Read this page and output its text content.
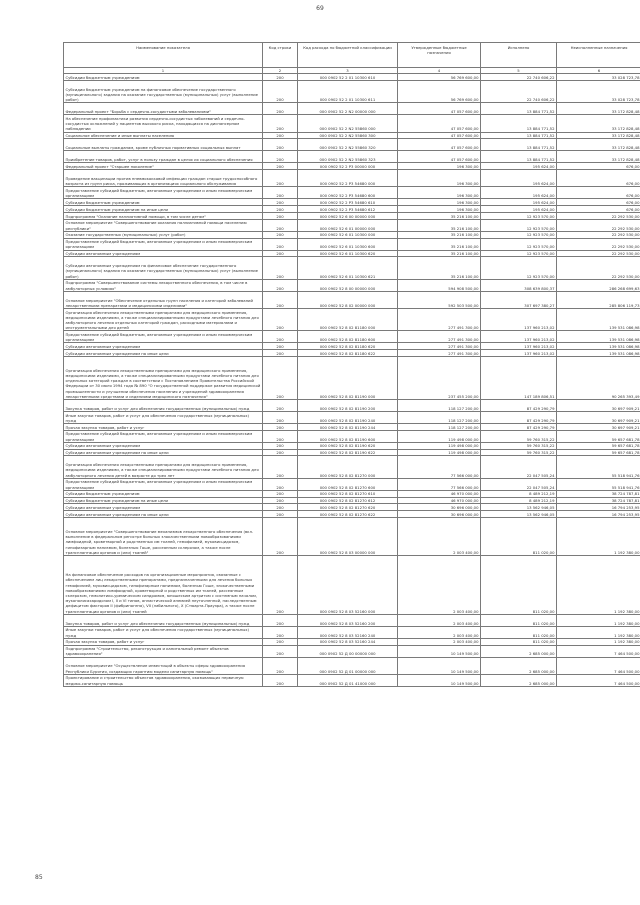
69
Наименование показателя	Код строки	Код расхода по бюджетной классификации	Утвержденные бюджетные назначения	Исполнено	Неисполненные назначения
1	2	3	4	5	6
Субсидии бюджетным учреждениям	200	000 0902 52 2 01 10300 610	56 769 600,00	22 740 606,22	33 028 723,78
Субсидии бюджетным учреждениям на финансовое обеспечение государственного (муниципального) задания на оказание государственных (муниципальных) услуг (выполнение работ)	200	000 0902 52 2 01 10300 611	56 769 600,00	22 740 606,22	33 028 723,78
Федеральный проект "Борьба с сердечно-сосудистыми заболеваниями"	200	000 0902 52 2 N2 00000 000	47 057 600,00	13 884 771,52	33 172 828,48
На обеспечение профилактики развития сердечно-сосудистых заболеваний и сердечно-сосудистых осложнений у пациентов высокого риска, находящихся на диспансерном наблюдении	200	000 0902 52 2 N2 55860 000	47 057 600,00	13 884 771,52	33 172 828,48
Социальное обеспечение и иные выплаты населению	200	000 0902 52 2 N2 55860 300	47 057 600,00	13 884 771,52	33 172 828,48
Социальные выплаты гражданам, кроме публичных нормативных социальных выплат	200	000 0902 52 2 N2 55860 320	47 057 600,00	13 884 771,52	33 172 828,48
Приобретение товаров, работ, услуг в пользу граждан в целях их социального обеспечения	200	000 0902 52 2 N2 55860 323	47 057 600,00	13 884 771,52	33 172 828,48
Федеральный проект "Старшее поколение"	200	000 0902 52 2 P3 00000 000	196 300,00	195 624,00	676,00
Проведение вакцинации против пневмококковой инфекции граждан старше трудоспособного возраста из групп риска, проживающих в организациях социального обслуживания	200	000 0902 52 2 P3 54680 000	196 300,00	195 624,00	676,00
Предоставление субсидий бюджетным, автономным учреждениям и иным некоммерческим организациям	200	000 0902 52 2 P3 54680 600	196 300,00	195 624,00	676,00
Субсидии бюджетным учреждениям	200	000 0902 52 2 P3 54680 610	196 300,00	195 624,00	676,00
Субсидии бюджетным учреждениям на иные цели	200	000 0902 52 2 P3 54680 612	196 300,00	195 624,00	676,00
Подпрограмма "Оказание паллиативной помощи, в том числе детям"	200	000 0902 52 6 00 00000 000	35 216 100,00	12 923 570,00	22 292 530,00
Основное мероприятие "Совершенствование оказания паллиативной помощи населению республики"	200	000 0902 52 6 01 00000 000	35 216 100,00	12 923 570,00	22 292 530,00
Оказание государственных (муниципальных) услуг (работ)	200	000 0902 52 6 01 10300 000	35 216 100,00	12 923 570,00	22 292 530,00
Предоставление субсидий бюджетным, автономным учреждениям и иным некоммерческим организациям	200	000 0902 52 6 01 10300 600	35 216 100,00	12 923 570,00	22 292 530,00
Субсидии автономным учреждениям	200	000 0902 52 6 01 10300 620	35 216 100,00	12 923 570,00	22 292 530,00
Субсидии автономным учреждениям на финансовое обеспечение государственного (муниципального) задания на оказание государственных (муниципальных) услуг (выполнение работ)	200	000 0902 52 6 01 10300 621	35 216 100,00	12 923 570,00	22 292 530,00
Подпрограмма "Совершенствование системы лекарственного обеспечения, в том числе в амбулаторных условиях"	200	000 0902 52 8 00 00000 000	594 908 500,00	308 639 800,37	286 268 699,63
Основное мероприятие "Обеспечение отдельных групп населения и категорий заболеваний лекарственными препаратами и медицинскими изделиями"	200	000 0902 52 8 02 00000 000	592 503 500,00	307 697 380,27	285 806 119,73
Организация обеспечения лекарственными препаратами для медицинского применения, медицинскими изделиями, а также специализированными продуктами лечебного питания для амбулаторного лечения отдельных категорий граждан, расходными материалами и инструментальными для детей	200	000 0902 52 8 02 81180 000	277 491 300,00	137 960 213,02	139 531 086,98
Предоставление субсидий бюджетным, автономным учреждениям и иным некоммерческим организациям	200	000 0902 52 8 02 81180 600	277 491 300,00	137 960 213,02	139 531 086,98
Субсидии автономным учреждениям	200	000 0902 52 8 02 81180 620	277 491 300,00	137 960 213,02	139 531 086,98
Субсидии автономным учреждениям на иные цели	200	000 0902 52 8 02 81180 622	277 491 300,00	137 960 213,02	139 531 086,98
Организация обеспечения лекарственными препаратами для медицинского применения, медицинскими изделиями, а также специализированными продуктами лечебного питания для отдельных категорий граждан в соответствии с Постановлением Правительства Российской Федерации от 30 июля 1994 года № 890 "О государственной поддержке развития медицинской промышленности и улучшении обеспечения населения и учреждений здравоохранения лекарственными средствами и изделиями медицинского назначения"	200	000 0902 52 8 02 81190 000	237 455 200,00	147 189 806,51	90 265 393,49
Закупка товаров, работ и услуг для обеспечения государственных (муниципальных) нужд	200	000 0902 52 8 02 81190 200	118 127 200,00	87 429 290,79	30 697 909,21
Иные закупки товаров, работ и услуг для обеспечения государственных (муниципальных) нужд	200	000 0902 52 8 02 81190 240	118 127 200,00	87 429 290,79	30 697 909,21
Прочая закупка товаров, работ и услуг	200	000 0902 52 8 02 81190 244	118 127 200,00	87 429 290,79	30 697 909,21
Предоставление субсидий бюджетным, автономным учреждениям и иным некоммерческим организациям	200	000 0902 52 8 02 81190 600	119 498 000,00	59 760 315,22	59 657 681,78
Субсидии автономным учреждениям	200	000 0902 52 8 02 81190 620	119 498 000,00	59 760 315,22	59 657 681,78
Субсидии автономным учреждениям на иные цели	200	000 0902 52 8 02 81190 622	119 498 000,00	59 760 315,22	59 657 681,78
Организация обеспечения лекарственными препаратами для медицинского применения, медицинскими изделиями, а также специализированными продуктами лечебного питания для амбулаторного лечения детей в возрасте до трех лет	200	000 0902 52 8 02 81270 000	77 566 000,00	22 047 505,24	55 518 941,76
Предоставление субсидий бюджетным, автономным учреждениям и иным некоммерческим организациям	200	000 0902 52 8 02 81270 600	77 566 000,00	22 047 505,24	55 518 941,76
Субсидии бюджетным учреждениям	200	000 0902 52 8 02 81270 610	46 970 000,00	8 489 212,19	38 724 787,81
Субсидии бюджетным учреждениям на иные цели	200	000 0902 52 8 02 81270 612	46 970 000,00	8 489 212,19	38 724 787,81
Субсидии автономным учреждениям	200	000 0902 52 8 02 81270 620	30 696 000,00	13 562 946,05	16 794 253,95
Субсидии автономным учреждениям на иные цели	200	000 0902 52 8 02 81270 622	30 696 000,00	13 562 946,05	16 794 253,95
Основное мероприятие "Совершенствование механизмов лекарственного обеспечения (вкл. выполнение в федеральном регистре больных злокачественными новообразованиями лимфоидной, кроветворной и родственных им тканей, гемофилией, муковисцидозом, гипофизарным нанизмом, болезнью Гоше, рассеянным склерозом, а также после трансплантации органов и (или) тканей"	200	000 0902 52 8 03 00000 000	2 003 400,00	811 020,00	1 192 380,00
На финансовое обеспечение расходов на организационные мероприятия, связанные с обеспечением лиц лекарственными препаратами, предназначенными для лечения больных гемофилией, муковисцидозом, гипофизарным нанизмом, болезнью Гоше, злокачественными новообразованиями лимфоидной, кроветворной и родственных им тканей, рассеянным склерозом, гемолитико-уремическим синдромом, юношеским артритом с системным началом, мукополисахаридозом I, II и VI типов, апластической анемией неуточненной, наследственным дефицитом факторов II (фибриногена), VII (лабильного), X (Стюарта-Прауэра), а также после трансплантации органов и (или) тканей	200	000 0902 52 8 03 52160 000	2 003 400,00	811 020,00	1 192 380,00
Закупка товаров, работ и услуг для обеспечения государственных (муниципальных) нужд	200	000 0902 52 8 03 52160 200	2 003 400,00	811 020,00	1 192 380,00
Иные закупки товаров, работ и услуг для обеспечения государственных (муниципальных) нужд	200	000 0902 52 8 03 52160 240	2 003 400,00	811 020,00	1 192 380,00
Прочая закупка товаров, работ и услуг	200	000 0902 52 8 03 52160 244	2 003 400,00	811 020,00	1 192 380,00
Подпрограмма "Строительство, реконструкция и капитальный ремонт объектов здравоохранения"	200	000 0902 52 Д 00 00000 000	10 149 500,00	2 685 000,00	7 464 500,00
Основное мероприятие "Осуществление инвестиций в объекты сферы здравоохранения Республики Бурятия, создающих гарантию модели санитарную помощь"	200	000 0902 52 Д 01 00000 000	10 149 500,00	2 685 000,00	7 464 500,00
Проектирование и строительство объектов здравоохранения, оказывающих первичную медико-санитарную помощь	200	000 0902 52 Д 01 41000 000	10 149 500,00	2 685 000,00	7 464 500,00
85
